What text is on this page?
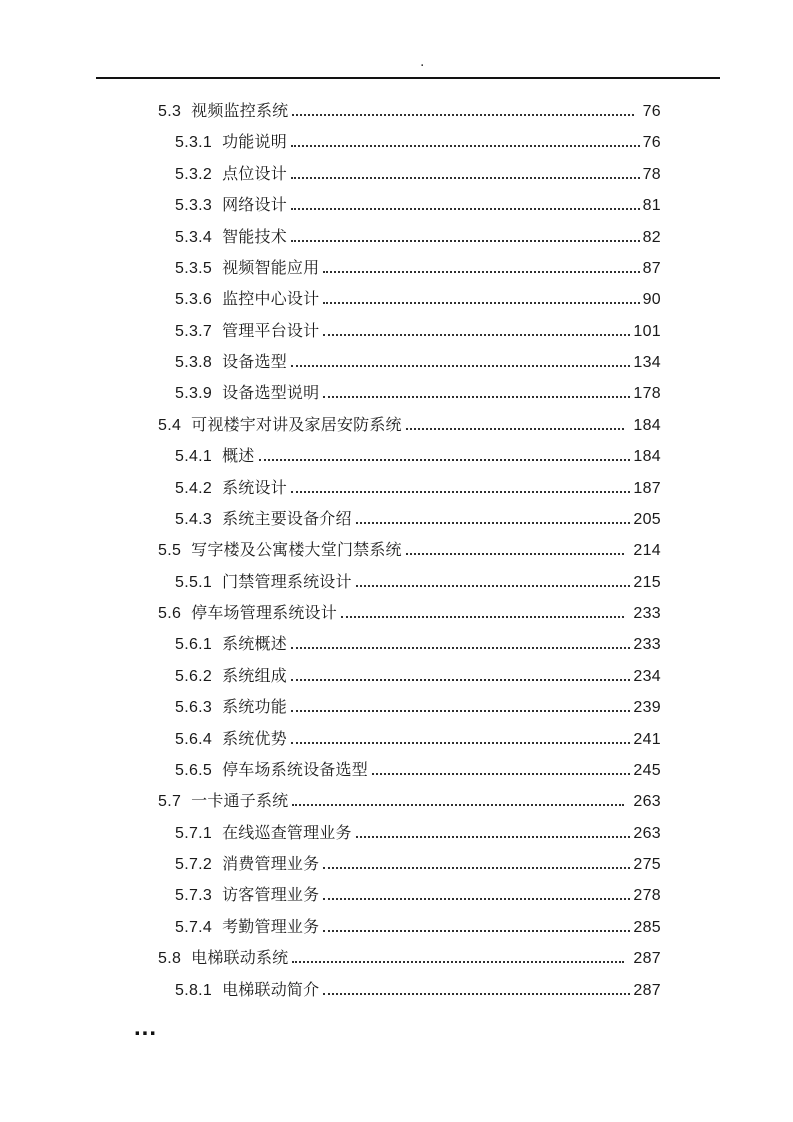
.
5.3 视频监控系统	76
5.3.1 功能说明	76
5.3.2 点位设计	78
5.3.3 网络设计	81
5.3.4 智能技术	82
5.3.5 视频智能应用	87
5.3.6 监控中心设计	90
5.3.7 管理平台设计	101
5.3.8 设备选型	134
5.3.9 设备选型说明	178
5.4 可视楼宇对讲及家居安防系统	184
5.4.1 概述	184
5.4.2 系统设计	187
5.4.3 系统主要设备介绍	205
5.5 写字楼及公寓楼大堂门禁系统	214
5.5.1 门禁管理系统设计	215
5.6 停车场管理系统设计	233
5.6.1 系统概述	233
5.6.2 系统组成	234
5.6.3 系统功能	239
5.6.4 系统优势	241
5.6.5 停车场系统设备选型	245
5.7 一卡通子系统	263
5.7.1 在线巡查管理业务	263
5.7.2 消费管理业务	275
5.7.3 访客管理业务	278
5.7.4 考勤管理业务	285
5.8 电梯联动系统	287
5.8.1 电梯联动简介	287
...
